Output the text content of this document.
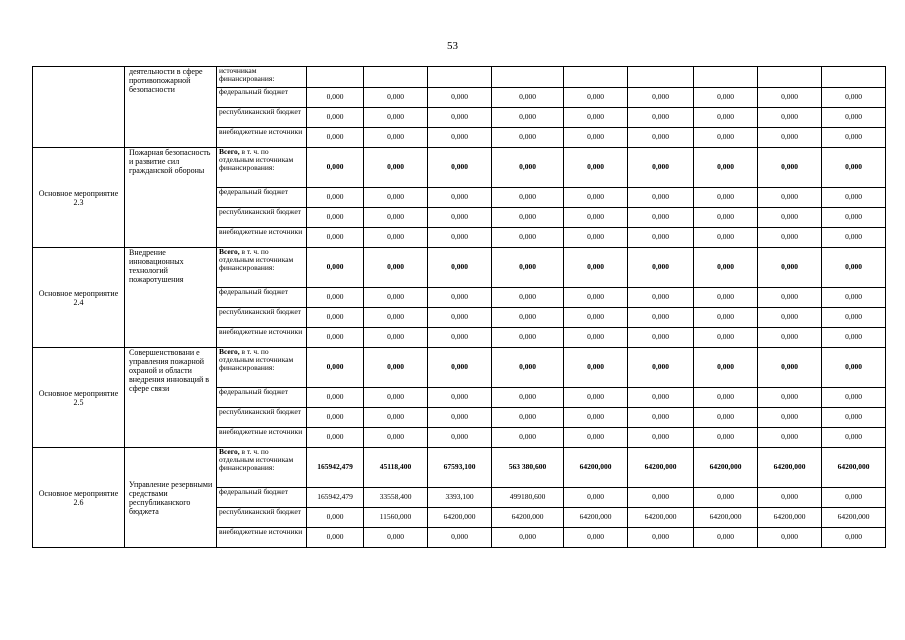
53
	деятельности в сфере противопожарной безопасности	источникам финансирования:									
		федеральный бюджет	0,000	0,000	0,000	0,000	0,000	0,000	0,000	0,000	0,000
		республиканский бюджет	0,000	0,000	0,000	0,000	0,000	0,000	0,000	0,000	0,000
		внебюджетные источники	0,000	0,000	0,000	0,000	0,000	0,000	0,000	0,000	0,000
Основное мероприятие 2.3	Пожарная безопасность и развитие сил гражданской обороны	Всего, в т. ч. по отдельным источникам финансирования:	0,000	0,000	0,000	0,000	0,000	0,000	0,000	0,000	0,000
		федеральный бюджет	0,000	0,000	0,000	0,000	0,000	0,000	0,000	0,000	0,000
		республиканский бюджет	0,000	0,000	0,000	0,000	0,000	0,000	0,000	0,000	0,000
		внебюджетные источники	0,000	0,000	0,000	0,000	0,000	0,000	0,000	0,000	0,000
Основное мероприятие 2.4	Внедрение инновационных технологий пожаротушения	Всего, в т. ч. по отдельным источникам финансирования:	0,000	0,000	0,000	0,000	0,000	0,000	0,000	0,000	0,000
		федеральный бюджет	0,000	0,000	0,000	0,000	0,000	0,000	0,000	0,000	0,000
		республиканский бюджет	0,000	0,000	0,000	0,000	0,000	0,000	0,000	0,000	0,000
		внебюджетные источники	0,000	0,000	0,000	0,000	0,000	0,000	0,000	0,000	0,000
Основное мероприятие 2.5	Совершенствовани е управления пожарной охраной и области внедрения инноваций в сфере связи	Всего, в т. ч. по отдельным источникам финансирования:	0,000	0,000	0,000	0,000	0,000	0,000	0,000	0,000	0,000
		федеральный бюджет	0,000	0,000	0,000	0,000	0,000	0,000	0,000	0,000	0,000
		республиканский бюджет	0,000	0,000	0,000	0,000	0,000	0,000	0,000	0,000	0,000
		внебюджетные источники	0,000	0,000	0,000	0,000	0,000	0,000	0,000	0,000	0,000
Основное мероприятие 2.6	Управление резервными средствами республиканского бюджета	Всего, в т. ч. по отдельным источникам финансирования:	165942,479	45118,400	67593,100	563 380,600	64200,000	64200,000	64200,000	64200,000	64200,000
		федеральный бюджет	165942,479	33558,400	3393,100	499180,600	0,000	0,000	0,000	0,000	0,000
		республиканский бюджет	0,000	11560,000	64200,000	64200,000	64200,000	64200,000	64200,000	64200,000	64200,000
		внебюджетные источники	0,000	0,000	0,000	0,000	0,000	0,000	0,000	0,000	0,000
